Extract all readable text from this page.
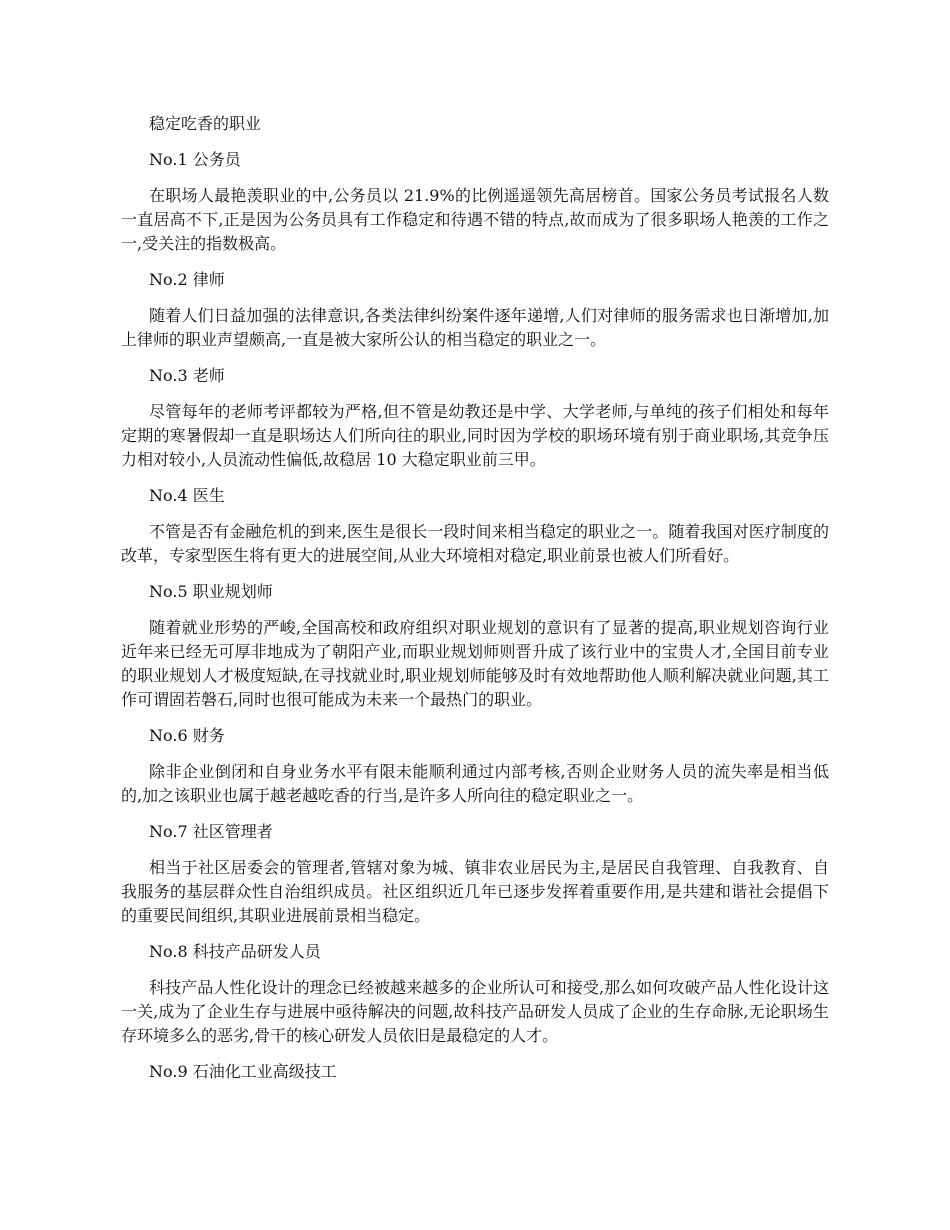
稳定吃香的职业

No.1 公务员

在职场人最艳羡职业的中,公务员以 21.9%的比例遥遥领先高居榜首。国家公务员考试报名人数一直居高不下,正是因为公务员具有工作稳定和待遇不错的特点,故而成为了很多职场人艳羡的工作之一,受关注的指数极高。

No.2 律师

随着人们日益加强的法律意识,各类法律纠纷案件逐年递增,人们对律师的服务需求也日渐增加,加上律师的职业声望颇高,一直是被大家所公认的相当稳定的职业之一。

No.3 老师

尽管每年的老师考评都较为严格,但不管是幼教还是中学、大学老师,与单纯的孩子们相处和每年定期的寒暑假却一直是职场达人们所向往的职业,同时因为学校的职场环境有别于商业职场,其竞争压力相对较小,人员流动性偏低,故稳居 10 大稳定职业前三甲。

No.4 医生

不管是否有金融危机的到来,医生是很长一段时间来相当稳定的职业之一。随着我国对医疗制度的改革，专家型医生将有更大的进展空间,从业大环境相对稳定,职业前景也被人们所看好。

No.5 职业规划师

随着就业形势的严峻,全国高校和政府组织对职业规划的意识有了显著的提高,职业规划咨询行业近年来已经无可厚非地成为了朝阳产业,而职业规划师则晋升成了该行业中的宝贵人才,全国目前专业的职业规划人才极度短缺,在寻找就业时,职业规划师能够及时有效地帮助他人顺利解决就业问题,其工作可谓固若磐石,同时也很可能成为未来一个最热门的职业。

No.6 财务

除非企业倒闭和自身业务水平有限未能顺利通过内部考核,否则企业财务人员的流失率是相当低的,加之该职业也属于越老越吃香的行当,是许多人所向往的稳定职业之一。

No.7 社区管理者

相当于社区居委会的管理者,管辖对象为城、镇非农业居民为主,是居民自我管理、自我教育、自我服务的基层群众性自治组织成员。社区组织近几年已逐步发挥着重要作用,是共建和谐社会提倡下的重要民间组织,其职业进展前景相当稳定。

No.8 科技产品研发人员

科技产品人性化设计的理念已经被越来越多的企业所认可和接受,那么如何攻破产品人性化设计这一关,成为了企业生存与进展中亟待解决的问题,故科技产品研发人员成了企业的生存命脉,无论职场生存环境多么的恶劣,骨干的核心研发人员依旧是最稳定的人才。

No.9 石油化工业高级技工
